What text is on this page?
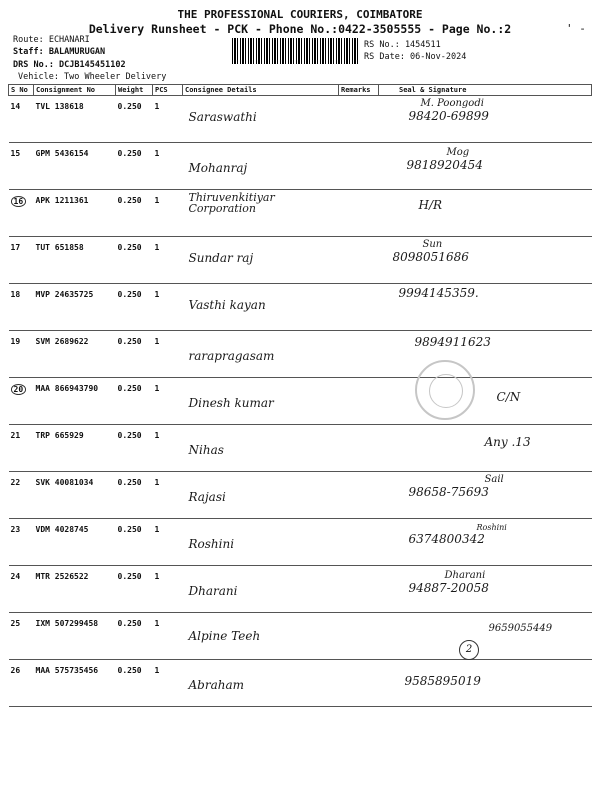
THE PROFESSIONAL COURIERS, COIMBATORE
Delivery Runsheet - PCK - Phone No.:0422-3505555 - Page No.:2	' -
Route: ECHANARI
Staff: BALAMURUGAN
DRS No.: DCJB145451102
Vehicle: Two Wheeler Delivery
RS No.: 1454511
RS Date: 06-Nov-2024
S No	Consignment No	Weight	PCS	Consignee Details	Remarks	Seal & Signature
14	TVL 138618	0.250	1	Saraswathi		M. Poongodi
98420-69899

15	GPM 5436154	0.250	1	Mohanraj		Mog
9818920454

16	APK 1211361	0.250	1	Thiruvenkitiyar Corporation		H/R

17	TUT 651858	0.250	1	Sundar raj		Sun
8098051686

18	MVP 24635725	0.250	1	Vasthi kayan		9994145359.

19	SVM 2689622	0.250	1	rarapragasam		9894911623

20	MAA 866943790	0.250	1	Dinesh kumar		C/N

21	TRP 665929	0.250	1	Nihas		Any .13

22	SVK 40081034	0.250	1	Rajasi		Sail
98658-75693

23	VDM 4028745	0.250	1	Roshini		Roshini
6374800342

24	MTR 2526522	0.250	1	Dharani		Dharani
94887-20058

25	IXM 507299458	0.250	1	Alpine Teeh		9659055449

26	MAA 575735456	0.250	1	Abraham		9585895019
2
